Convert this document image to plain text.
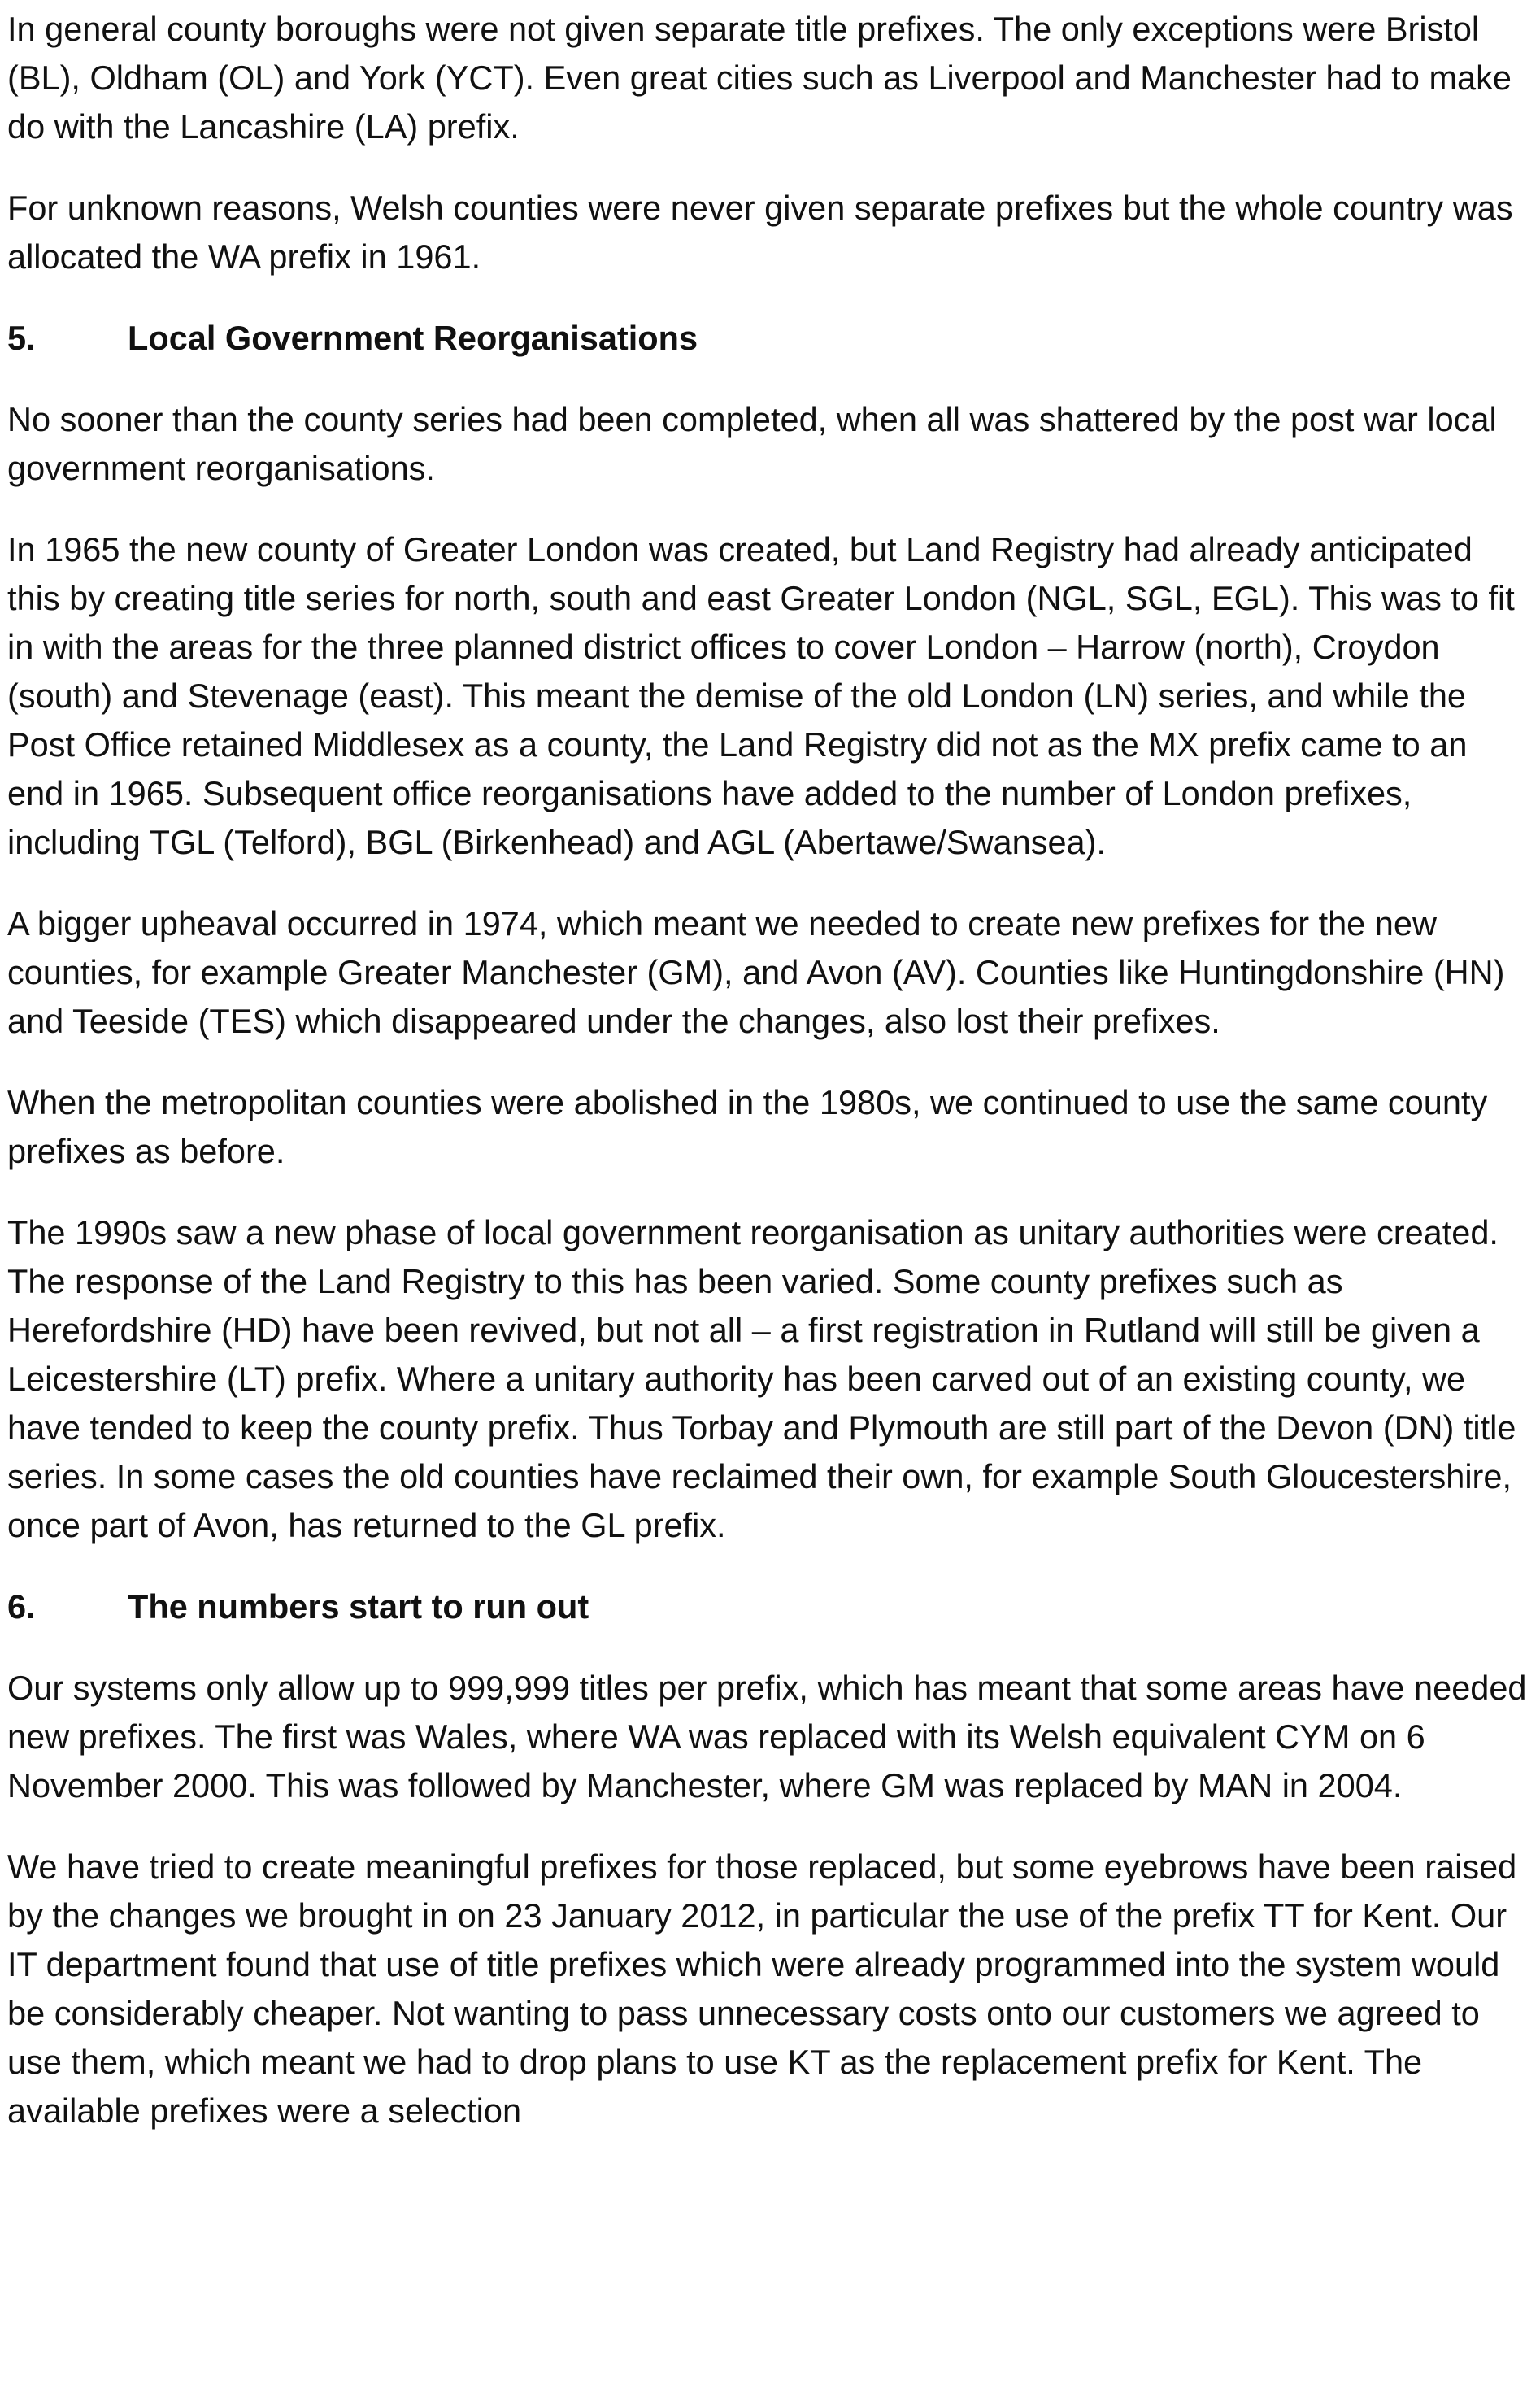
In general county boroughs were not given separate title prefixes. The only exceptions were Bristol (BL), Oldham (OL) and York (YCT). Even great cities such as Liverpool and Manchester had to make do with the Lancashire (LA) prefix.

For unknown reasons, Welsh counties were never given separate prefixes but the whole country was allocated the WA prefix in 1961.

5.	Local Government Reorganisations

No sooner than the county series had been completed, when all was shattered by the post war local government reorganisations.

In 1965 the new county of Greater London was created, but Land Registry had already anticipated this by creating title series for north, south and east Greater London (NGL, SGL, EGL). This was to fit in with the areas for the three planned district offices to cover London – Harrow (north), Croydon (south) and Stevenage (east). This meant the demise of the old London (LN) series, and while the Post Office retained Middlesex as a county, the Land Registry did not as the MX prefix came to an end in 1965. Subsequent office reorganisations have added to the number of London prefixes, including TGL (Telford), BGL (Birkenhead) and AGL (Abertawe/Swansea).

A bigger upheaval occurred in 1974, which meant we needed to create new prefixes for the new counties, for example Greater Manchester (GM), and Avon (AV). Counties like Huntingdonshire (HN) and Teeside (TES) which disappeared under the changes, also lost their prefixes.

When the metropolitan counties were abolished in the 1980s, we continued to use the same county prefixes as before.

The 1990s saw a new phase of local government reorganisation as unitary authorities were created. The response of the Land Registry to this has been varied. Some county prefixes such as Herefordshire (HD) have been revived, but not all – a first registration in Rutland will still be given a Leicestershire (LT) prefix. Where a unitary authority has been carved out of an existing county, we have tended to keep the county prefix. Thus Torbay and Plymouth are still part of the Devon (DN) title series. In some cases the old counties have reclaimed their own, for example South Gloucestershire, once part of Avon, has returned to the GL prefix.

6.	The numbers start to run out

Our systems only allow up to 999,999 titles per prefix, which has meant that some areas have needed new prefixes. The first was Wales, where WA was replaced with its Welsh equivalent CYM on 6 November 2000. This was followed by Manchester, where GM was replaced by MAN in 2004.

We have tried to create meaningful prefixes for those replaced, but some eyebrows have been raised by the changes we brought in on 23 January 2012, in particular the use of the prefix TT for Kent. Our IT department found that use of title prefixes which were already programmed into the system would be considerably cheaper. Not wanting to pass unnecessary costs onto our customers we agreed to use them, which meant we had to drop plans to use KT as the replacement prefix for Kent. The available prefixes were a selection
